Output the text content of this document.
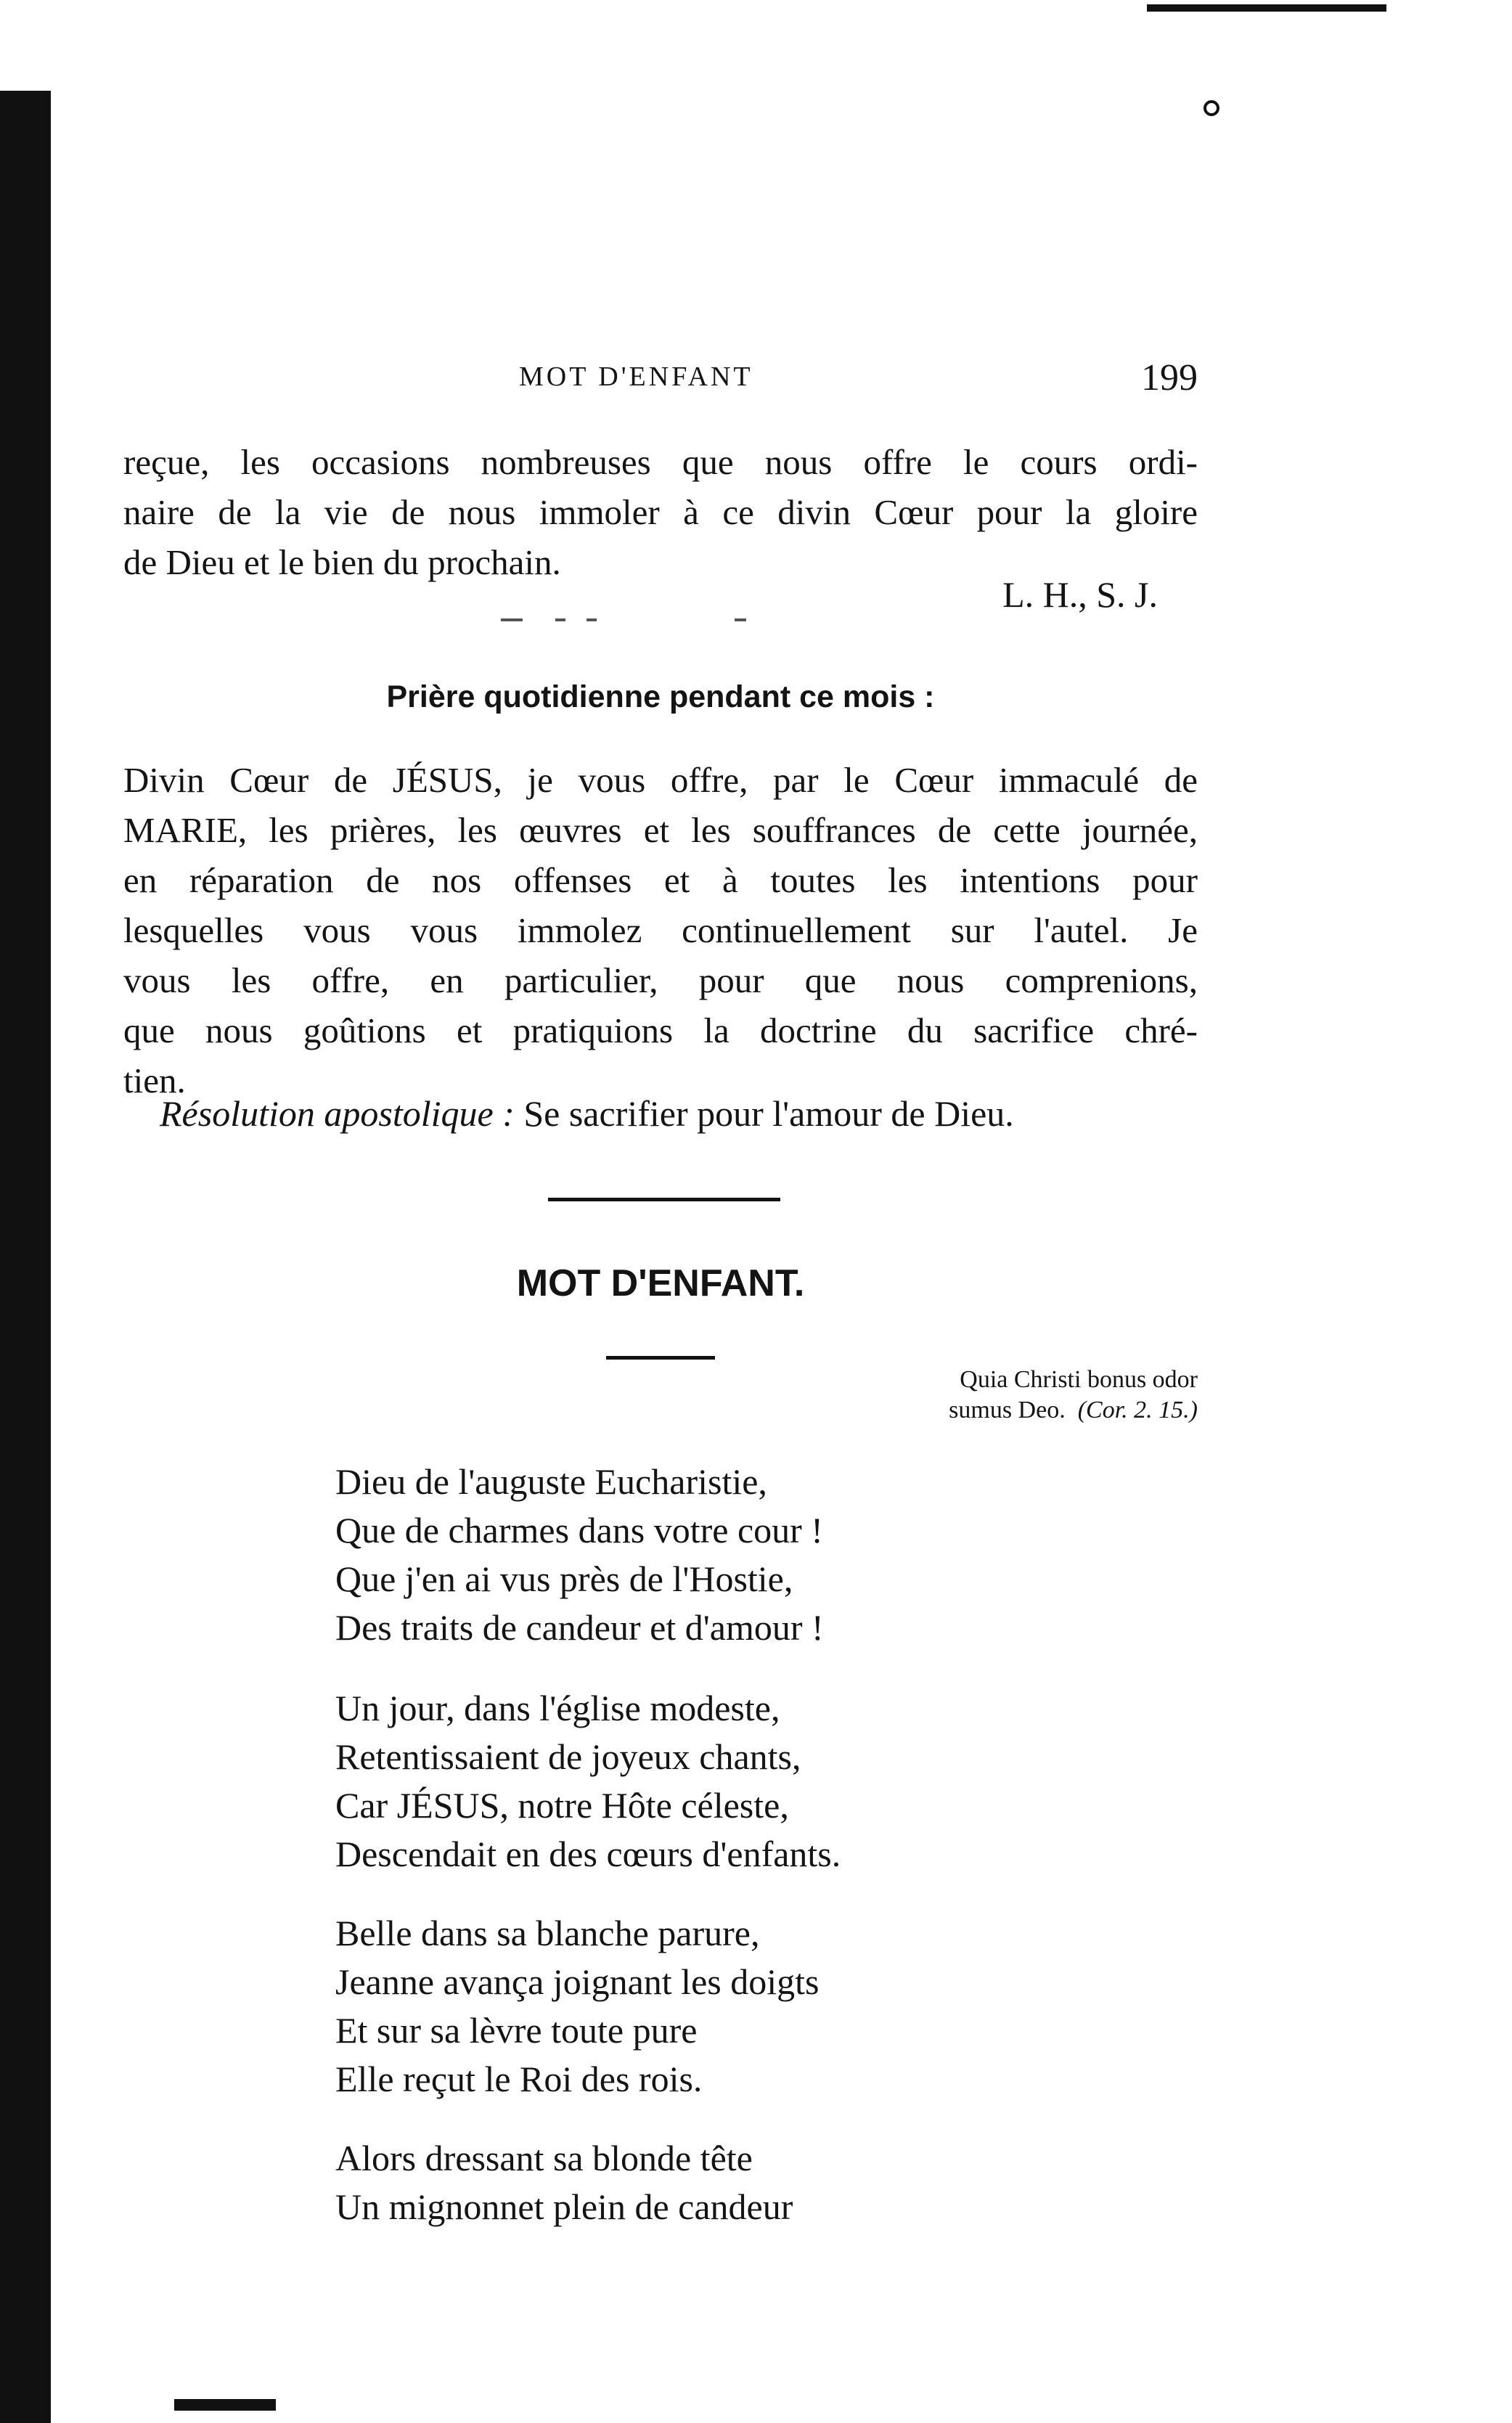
MOT D'ENFANT	199
reçue, les occasions nombreuses que nous offre le cours ordi-
naire de la vie de nous immoler à ce divin Cœur pour la gloire
de Dieu et le bien du prochain.
L. H., S. J.
Prière quotidienne pendant ce mois :
Divin Cœur de JÉSUS, je vous offre, par le Cœur immaculé de
MARIE, les prières, les œuvres et les souffrances de cette journée,
en réparation de nos offenses et à toutes les intentions pour
lesquelles vous vous immolez continuellement sur l'autel. Je
vous les offre, en particulier, pour que nous comprenions,
que nous goûtions et pratiquions la doctrine du sacrifice chré-
tien.
Résolution apostolique : Se sacrifier pour l'amour de Dieu.
MOT D'ENFANT.
Quia Christi bonus odor
sumus Deo. (Cor. 2. 15.)
Dieu de l'auguste Eucharistie,
Que de charmes dans votre cour !
Que j'en ai vus près de l'Hostie,
Des traits de candeur et d'amour !
Un jour, dans l'église modeste,
Retentissaient de joyeux chants,
Car JÉSUS, notre Hôte céleste,
Descendait en des cœurs d'enfants.
Belle dans sa blanche parure,
Jeanne avança joignant les doigts
Et sur sa lèvre toute pure
Elle reçut le Roi des rois.
Alors dressant sa blonde tête
Un mignonnet plein de candeur
